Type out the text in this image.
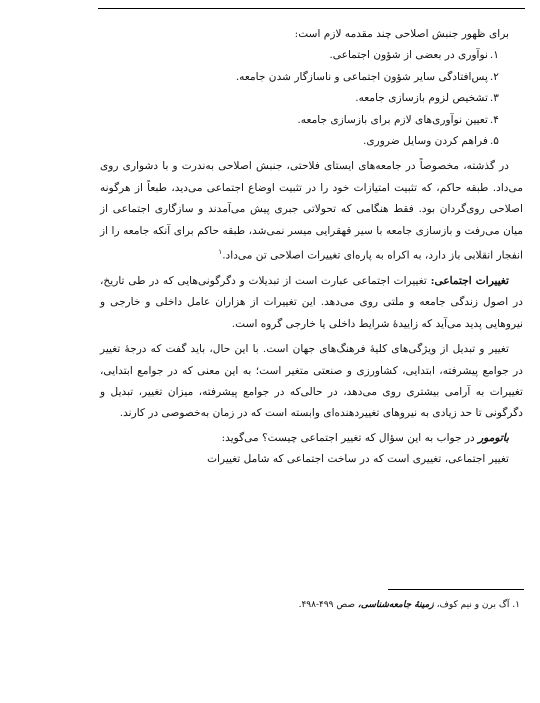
برای ظهور جنبش اصلاحی چند مقدمه لازم است:

۱.
نوآوری در بعضی از شؤون اجتماعی.
۲.
پس‌افتادگی سایر شؤون اجتماعی و ناسازگار شدن جامعه.
۳.
تشخیص لزوم بازسازی جامعه.
۴.
تعیین نوآوری‌های لازم برای بازسازی جامعه.
۵.
فراهم کردن وسایل ضروری.

در گذشته، مخصوصاً در جامعه‌های ایستای فلاحتی، جنبش اصلاحی به‌ندرت و با دشواری روی می‌داد. طبقه حاکم، که تثبیت امتیازات خود را در تثبیت اوضاع اجتماعی می‌دید، طبعاً از هرگونه اصلاحی روی‌گردان بود. فقط هنگامی که تحولاتی جبری پیش می‌آمدند و سازگاری اجتماعی از میان می‌رفت و بازسازی جامعه با سیر قهقرایی میسر نمی‌شد، طبقه حاکم برای آنکه جامعه را از انفجار انقلابی باز دارد، به اکراه به پاره‌ای تغییرات اصلاحی تن می‌داد.$^۱$

تغییرات اجتماعی: تغییرات اجتماعی عبارت است از تبدیلات و دگرگونی‌هایی که در طی تاریخ، در اصول زندگی جامعه و ملتی روی می‌دهد. این تغییرات از هزاران عامل داخلی و خارجی و نیروهایی پدید می‌آید که زاییدهٔ شرایط داخلی یا خارجی گروه است.

تغییر و تبدیل از ویژگی‌های کلیهٔ فرهنگ‌های جهان است. با این حال، باید گفت که درجهٔ تغییر در جوامع پیشرفته، ابتدایی، کشاورزی و صنعتی متغیر است؛ به این معنی که در جوامع ابتدایی، تغییرات به آرامی بیشتری روی می‌دهد، در حالی‌که در جوامع پیشرفته، میزان تغییر، تبدیل و دگرگونی تا حد زیادی به نیروهای تغییردهنده‌ای وابسته است که در زمان به‌خصوصی در کارند.

باتومور در جواب به این سؤال که تغییر اجتماعی چیست؟ می‌گوید:

تغییر اجتماعی، تغییری است که در ساخت اجتماعی که شامل تغییرات

۱. آگ برن و نیم کوف، زمینهٔ جامعه‌شناسی، صص ۴۹۹-۴۹۸.
